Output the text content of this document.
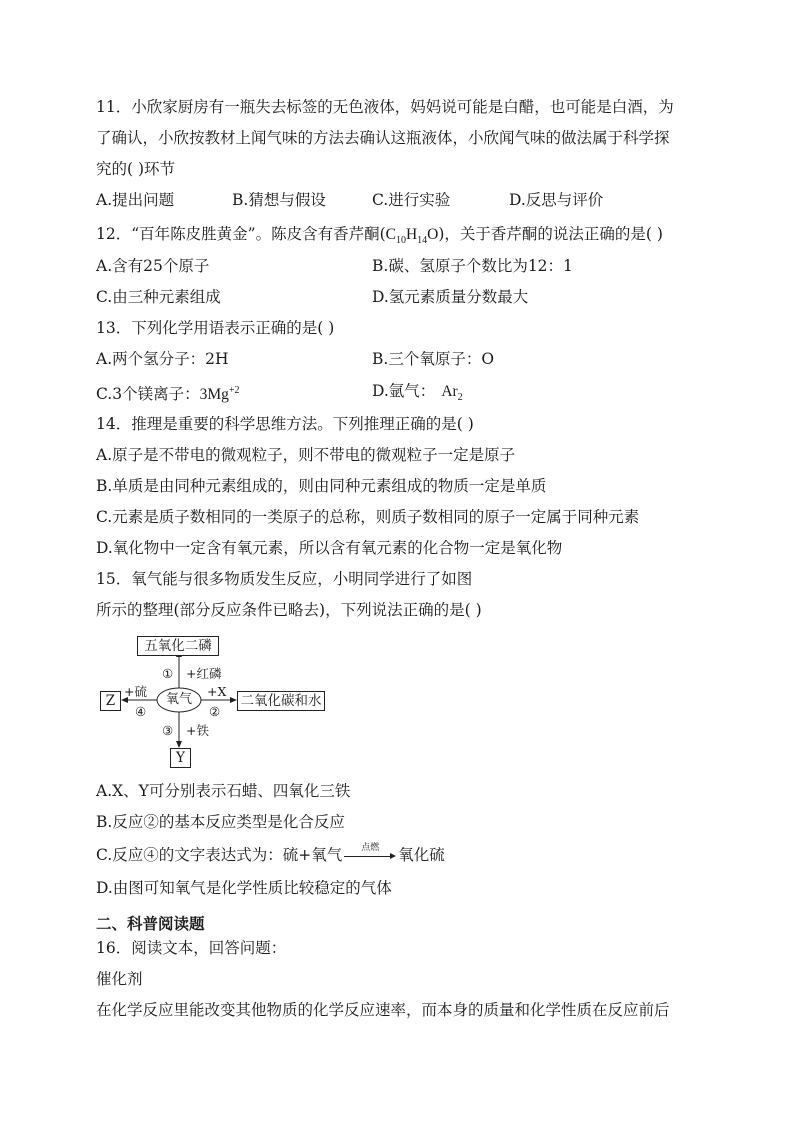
11．小欣家厨房有一瓶失去标签的无色液体，妈妈说可能是白醋，也可能是白酒，为
了确认，小欣按教材上闻气味的方法去确认这瓶液体，小欣闻气味的做法属于科学探
究的( )环节
A.提出问题	B.猜想与假设	C.进行实验	D.反思与评价
12．“百年陈皮胜黄金”。陈皮含有香芹酮$(C_{10}H_{14}O)$，关于香芹酮的说法正确的是( )
A.含有25个原子	B.碳、氢原子个数比为12：1
C.由三种元素组成	D.氢元素质量分数最大
13．下列化学用语表示正确的是( )
A.两个氢分子：2H	B.三个氧原子：O
C.3个镁离子：$3Mg^{+2}$	D.氩气： $Ar_2$
14．推理是重要的科学思维方法。下列推理正确的是( )
A.原子是不带电的微观粒子，则不带电的微观粒子一定是原子
B.单质是由同种元素组成的，则由同种元素组成的物质一定是单质
C.元素是质子数相同的一类原子的总称，则质子数相同的原子一定属于同种元素
D.氧化物中一定含有氧元素，所以含有氧元素的化合物一定是氧化物
15．氧气能与很多物质发生反应，小明同学进行了如图
所示的整理(部分反应条件已略去)，下列说法正确的是( )
五氧化二磷
二氧化碳和水
Z
Y
氧气
① +红磷
+X
②
③ +铁
+硫
④
A.X、Y可分别表示石蜡、四氧化三铁
B.反应②的基本反应类型是化合反应
C.反应④的文字表达式为：硫+氧气	点燃	氧化硫
D.由图可知氧气是化学性质比较稳定的气体
二、科普阅读题
16．阅读文本，回答问题：
催化剂
在化学反应里能改变其他物质的化学反应速率，而本身的质量和化学性质在反应前后
